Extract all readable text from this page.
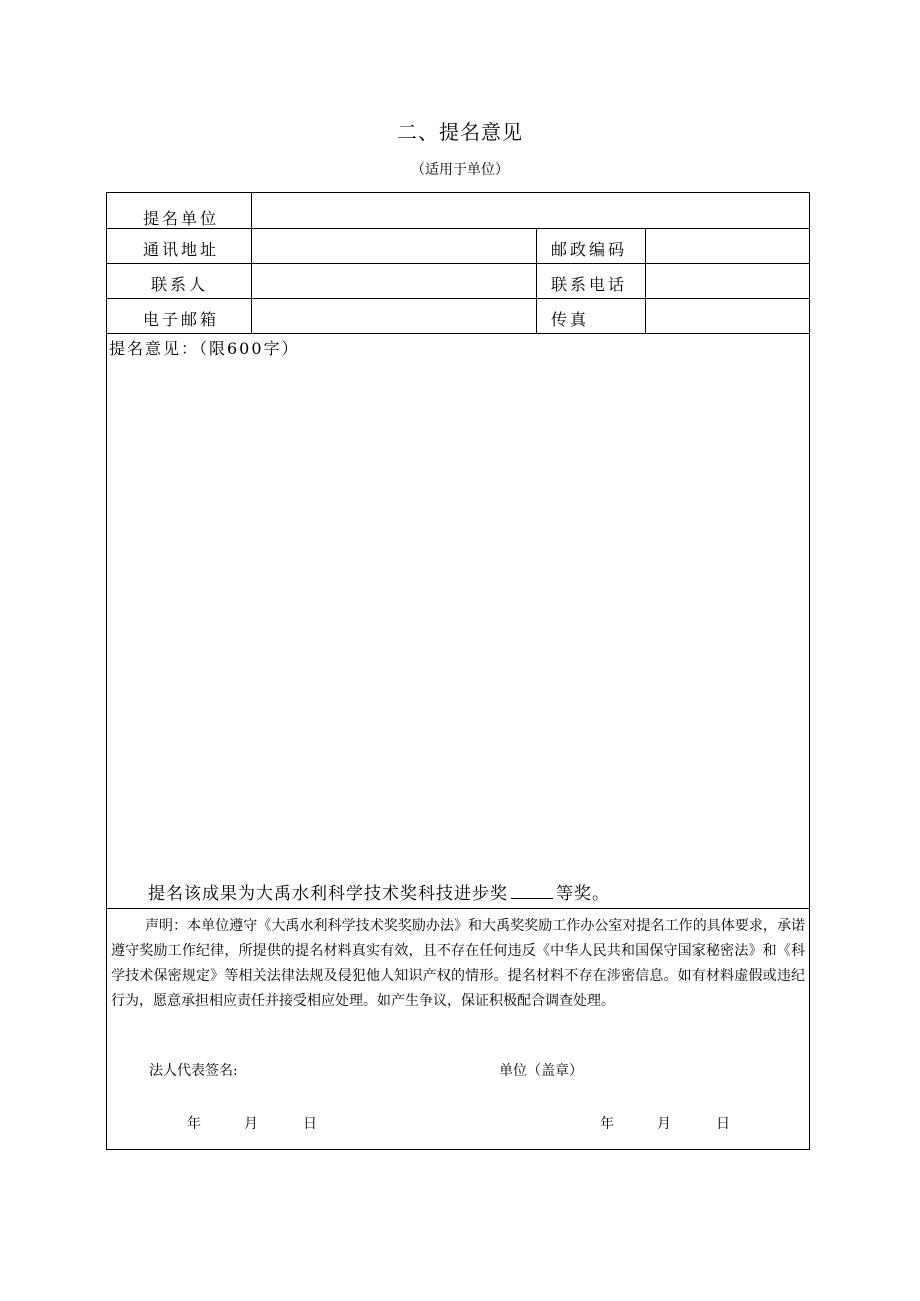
二、提名意见
（适用于单位）
提名单位
通讯地址	邮政编码
联系人	联系电话
电子邮箱	传真
提名意见：（限600字）
提名该成果为大禹水利科学技术奖科技进步奖	等奖。
声明：本单位遵守《大禹水利科学技术奖奖励办法》和大禹奖奖励工作办公室对提名工作的具体要求，承诺遵守奖励工作纪律，所提供的提名材料真实有效，且不存在任何违反《中华人民共和国保守国家秘密法》和《科学技术保密规定》等相关法律法规及侵犯他人知识产权的情形。提名材料不存在涉密信息。如有材料虚假或违纪行为，愿意承担相应责任并接受相应处理。如产生争议，保证积极配合调查处理。
法人代表签名:	单位（盖章）
年	月	日	年	月	日
